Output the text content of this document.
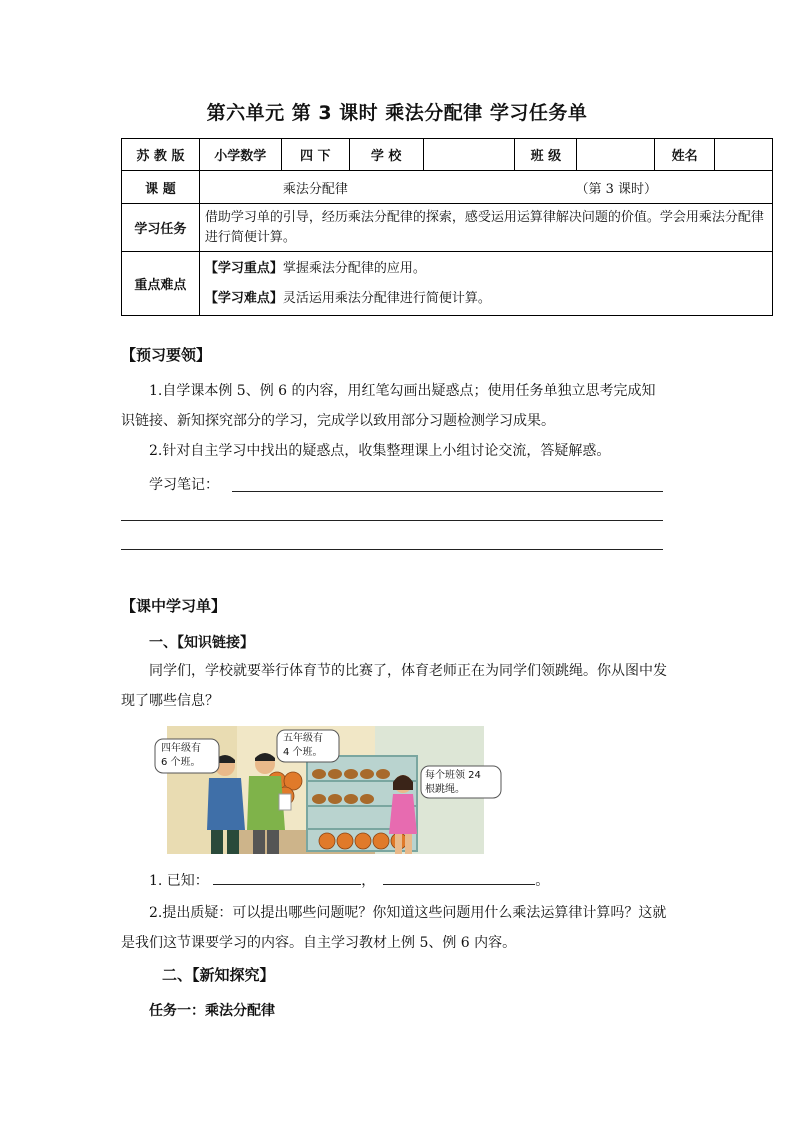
第六单元 第 3 课时 乘法分配律 学习任务单
苏 教 版	小学数学	四 下	学 校		班 级		姓名	
课 题	乘法分配律 （第 3 课时）							

学习任务	借助学习单的引导，经历乘法分配律的探索，感受运用运算律解决问题的价值。学会用乘法分配律进行简便计算。							
重点难点	【学习重点】掌握乘法分配律的应用。
【学习难点】灵活运用乘法分配律进行简便计算。							
【预习要领】
1.自学课本例 5、例 6 的内容，用红笔勾画出疑惑点；使用任务单独立思考完成知识链接、新知探究部分的学习，完成学以致用部分习题检测学习成果。
2.针对自主学习中找出的疑惑点，收集整理课上小组讨论交流，答疑解惑。
学习笔记：
【课中学习单】
一、【知识链接】
同学们，学校就要举行体育节的比赛了，体育老师正在为同学们领跳绳。你从图中发现了哪些信息？
四年级有
6 个班。
五年级有
4 个班。
每个班领 24
根跳绳。
1. 已知：	，	。
2.提出质疑：可以提出哪些问题呢？你知道这些问题用什么乘法运算律计算吗？这就是我们这节课要学习的内容。自主学习教材上例 5、例 6 内容。
二、【新知探究】
任务一：乘法分配律
